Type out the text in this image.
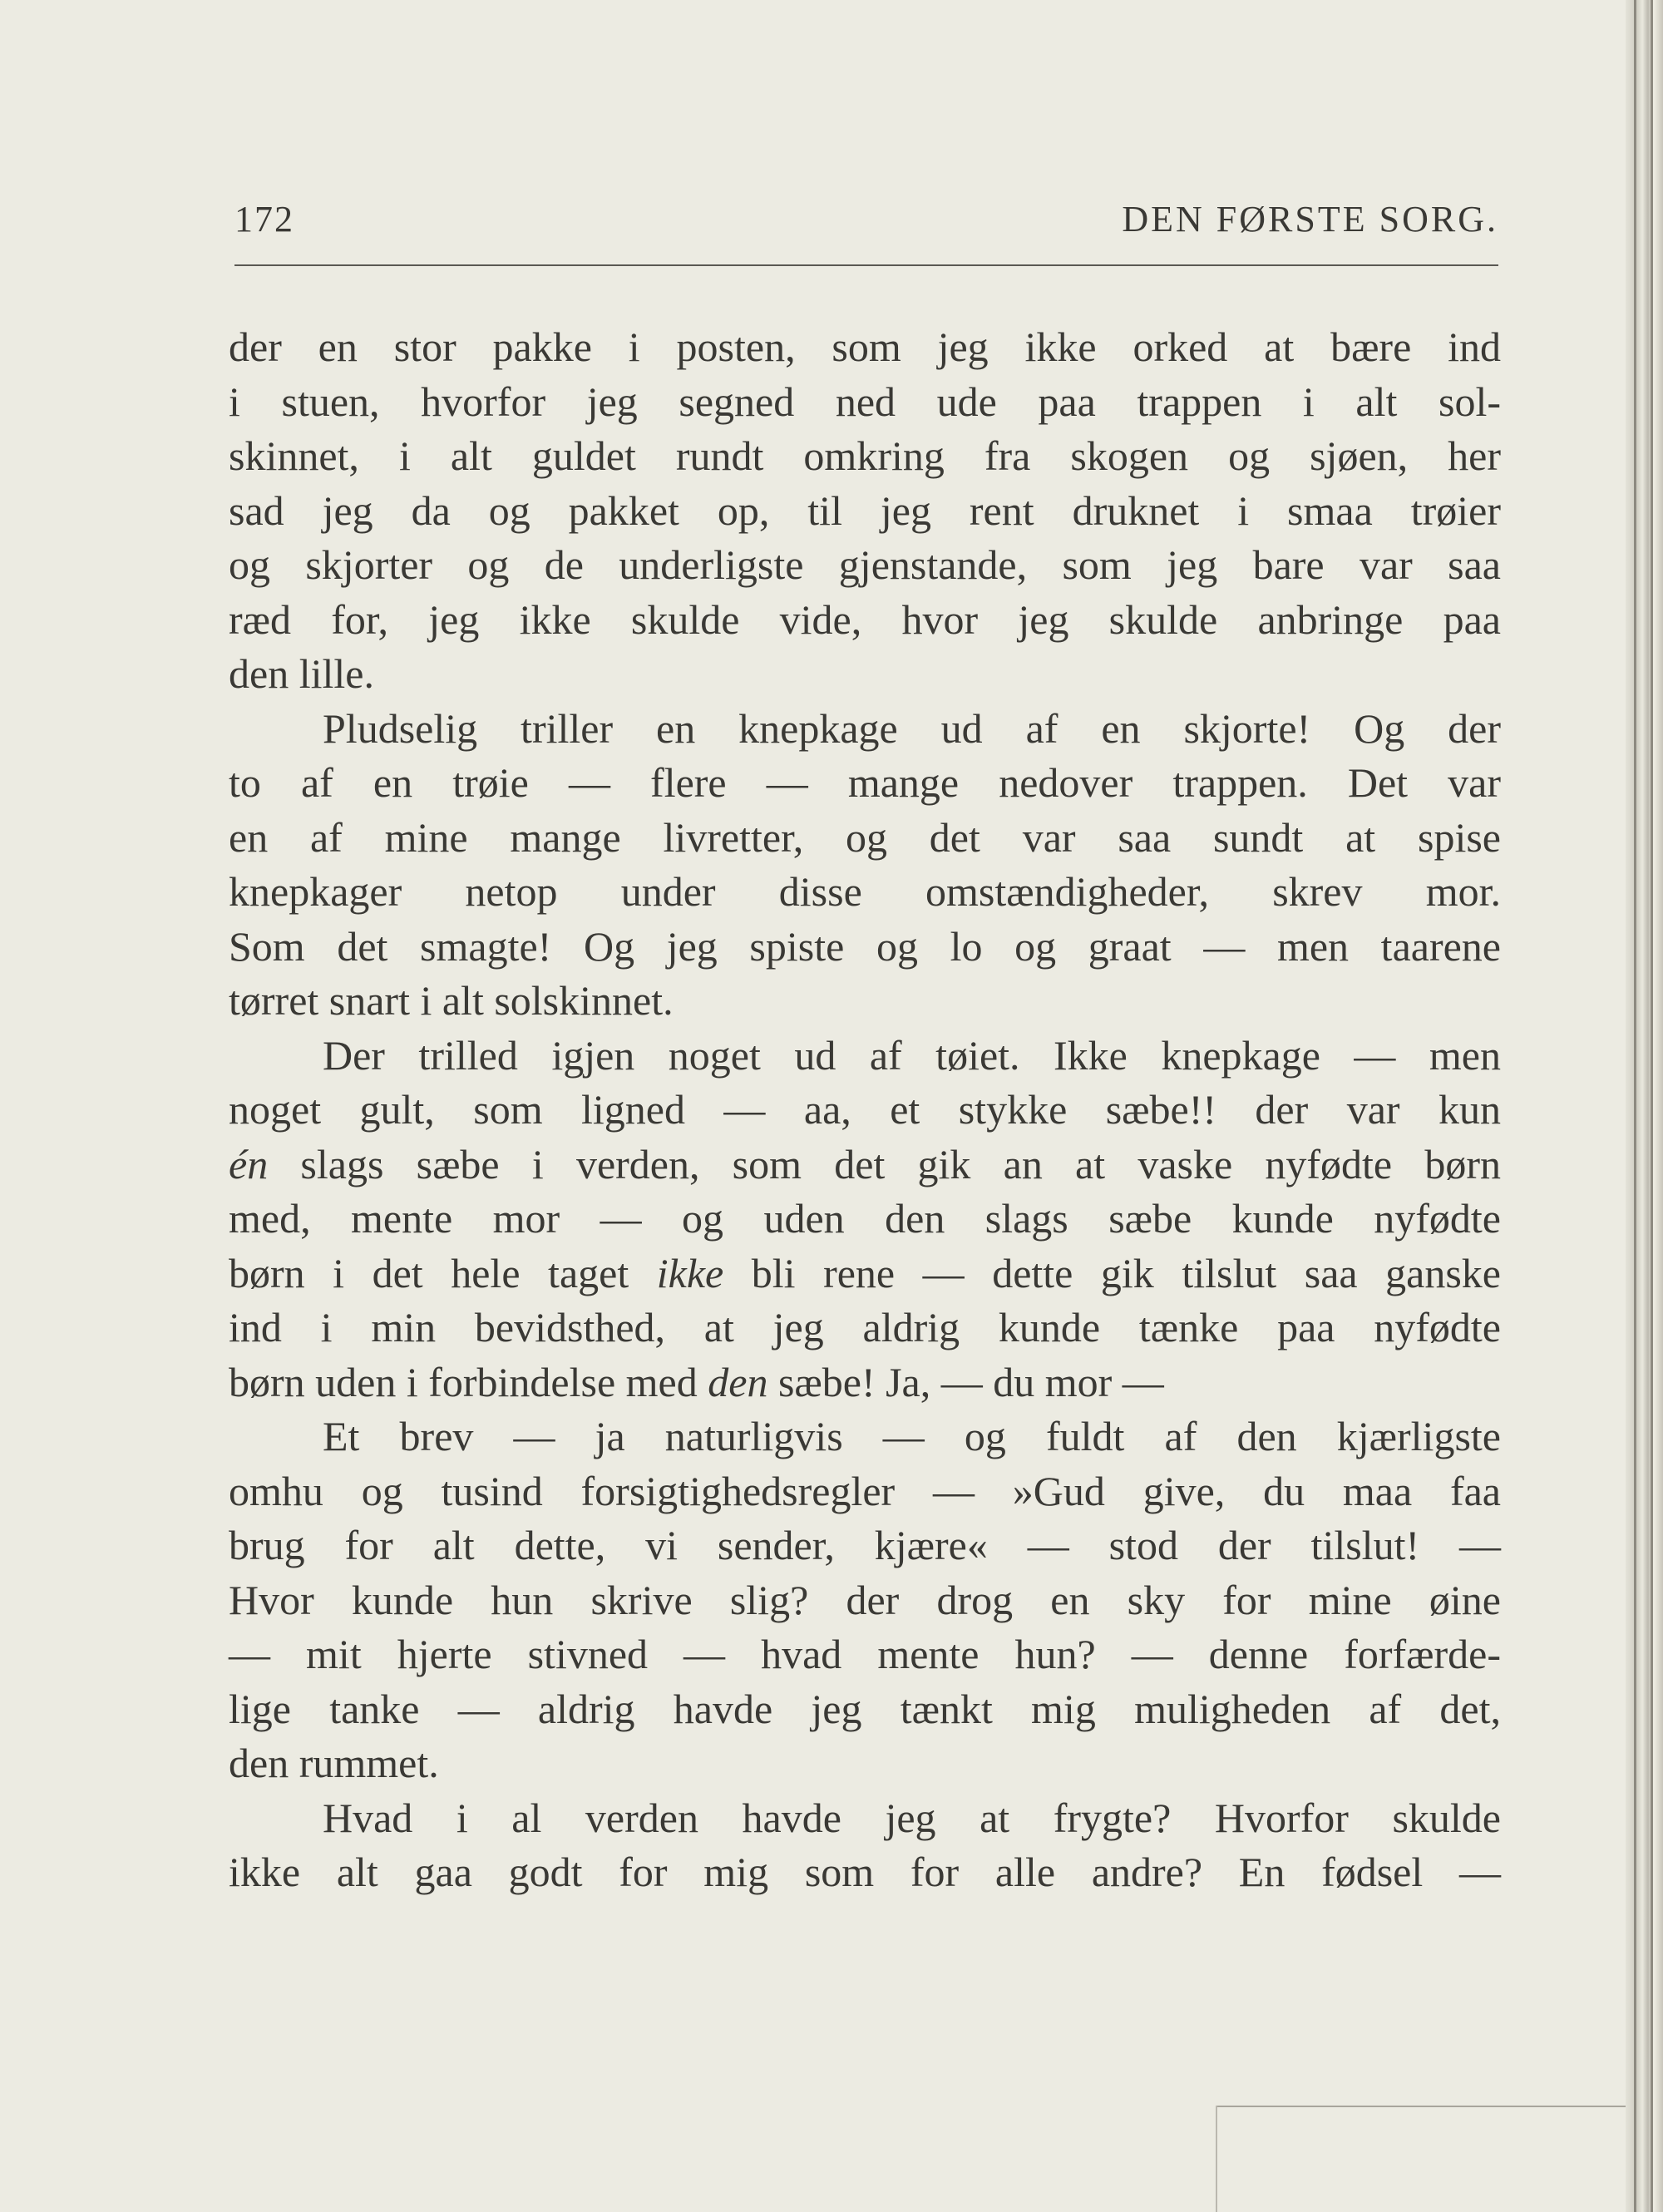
172	DEN FØRSTE SORG.
der en stor pakke i posten, som jeg ikke orked at bære ind
i stuen, hvorfor jeg segned ned ude paa trappen i alt sol-
skinnet, i alt guldet rundt omkring fra skogen og sjøen, her
sad jeg da og pakket op, til jeg rent druknet i smaa trøier
og skjorter og de underligste gjenstande, som jeg bare var saa
ræd for, jeg ikke skulde vide, hvor jeg skulde anbringe paa
den lille.
Pludselig triller en knepkage ud af en skjorte! Og der
to af en trøie — flere — mange nedover trappen. Det var
en af mine mange livretter, og det var saa sundt at spise
knepkager netop under disse omstændigheder, skrev mor.
Som det smagte! Og jeg spiste og lo og graat — men taarene
tørret snart i alt solskinnet.
Der trilled igjen noget ud af tøiet. Ikke knepkage — men
noget gult, som ligned — aa, et stykke sæbe!! der var kun
én slags sæbe i verden, som det gik an at vaske nyfødte børn
med, mente mor — og uden den slags sæbe kunde nyfødte
børn i det hele taget ikke bli rene — dette gik tilslut saa ganske
ind i min bevidsthed, at jeg aldrig kunde tænke paa nyfødte
børn uden i forbindelse med den sæbe! Ja, — du mor —
Et brev — ja naturligvis — og fuldt af den kjærligste
omhu og tusind forsigtighedsregler — »Gud give, du maa faa
brug for alt dette, vi sender, kjære« — stod der tilslut! —
Hvor kunde hun skrive slig? der drog en sky for mine øine
— mit hjerte stivned — hvad mente hun? — denne forfærde-
lige tanke — aldrig havde jeg tænkt mig muligheden af det,
den rummet.
Hvad i al verden havde jeg at frygte? Hvorfor skulde
ikke alt gaa godt for mig som for alle andre? En fødsel —
